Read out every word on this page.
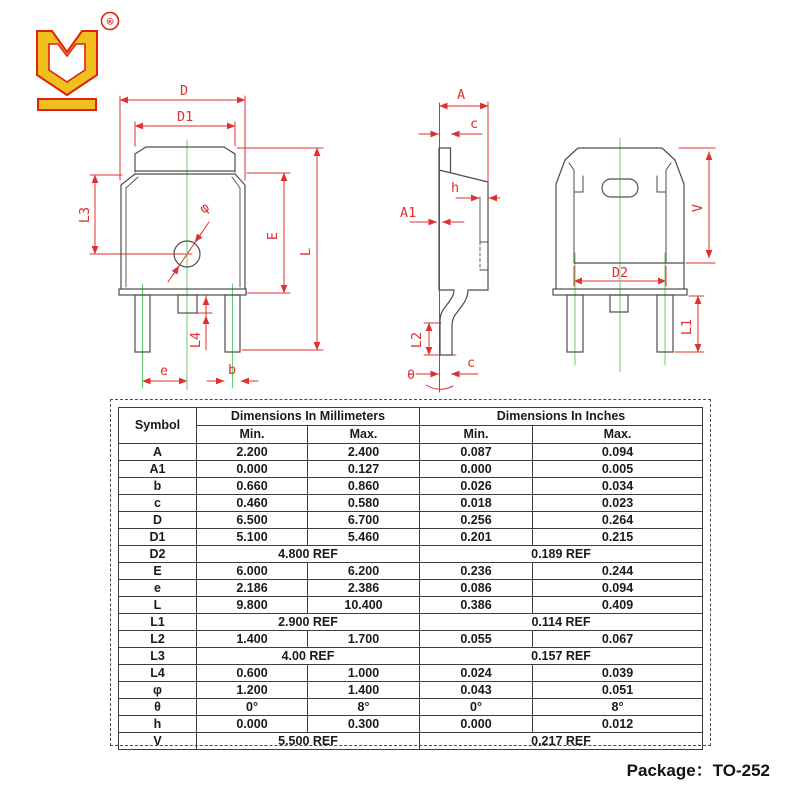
®
D
D1
L3	φ
E
L
L4
e	b
A
c
h
A1
L2
θ
c
V
D2
L1
Symbol	Dimensions In Millimeters		Dimensions In Inches	
	Min.	Max.	Min.	Max.
A	2.200	2.400	0.087	0.094
A1	0.000	0.127	0.000	0.005
b	0.660	0.860	0.026	0.034
c	0.460	0.580	0.018	0.023
D	6.500	6.700	0.256	0.264
D1	5.100	5.460	0.201	0.215
D2	4.800 REF		0.189 REF	
E	6.000	6.200	0.236	0.244
e	2.186	2.386	0.086	0.094
L	9.800	10.400	0.386	0.409
L1	2.900 REF		0.114 REF	
L2	1.400	1.700	0.055	0.067
L3	4.00 REF		0.157 REF	
L4	0.600	1.000	0.024	0.039
φ	1.200	1.400	0.043	0.051
θ	0°	8°	0°	8°
h	0.000	0.300	0.000	0.012
V	5.500 REF		0.217 REF	
Package：TO-252
